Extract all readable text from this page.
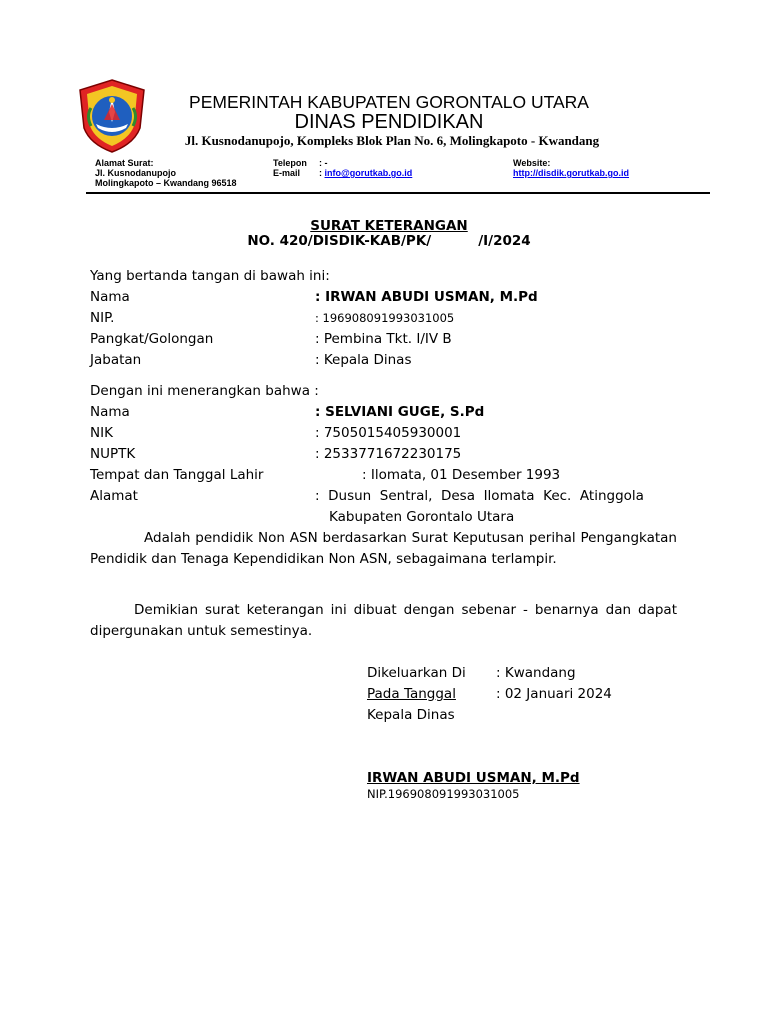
PEMERINTAH KABUPATEN GORONTALO UTARA
DINAS PENDIDIKAN
Jl. Kusnodanupojo, Kompleks Blok Plan No. 6, Molingkapoto - Kwandang
Alamat Surat:
Jl. Kusnodanupojo
Molingkapoto – Kwandang 96518
Telepon : -
E-mail : info@gorutkab.go.id
Website:
http://disdik.gorutkab.go.id
SURAT KETERANGAN
NO. 420/DISDIK-KAB/PK/          /I/2024
Yang bertanda tangan di bawah ini:
Nama	: IRWAN ABUDI USMAN, M.Pd
NIP.	: 196908091993031005
Pangkat/Golongan	: Pembina Tkt. I/IV B
Jabatan	: Kepala Dinas
Dengan ini menerangkan bahwa :
Nama	: SELVIANI GUGE, S.Pd
NIK	: 7505015405930001
NUPTK	: 2533771672230175
Tempat dan Tanggal Lahir	: Ilomata, 01 Desember 1993
Alamat	:  Dusun  Sentral,  Desa  Ilomata  Kec.  Atinggola
Kabupaten Gorontalo Utara
Adalah pendidik Non ASN berdasarkan Surat Keputusan perihal Pengangkatan Pendidik dan Tenaga Kependidikan Non ASN, sebagaimana terlampir.
Demikian surat keterangan ini dibuat dengan sebenar - benarnya dan dapat dipergunakan untuk semestinya.
Dikeluarkan Di : Kwandang
Pada Tanggal	: 02 Januari 2024
Kepala Dinas
IRWAN ABUDI USMAN, M.Pd
NIP.196908091993031005
